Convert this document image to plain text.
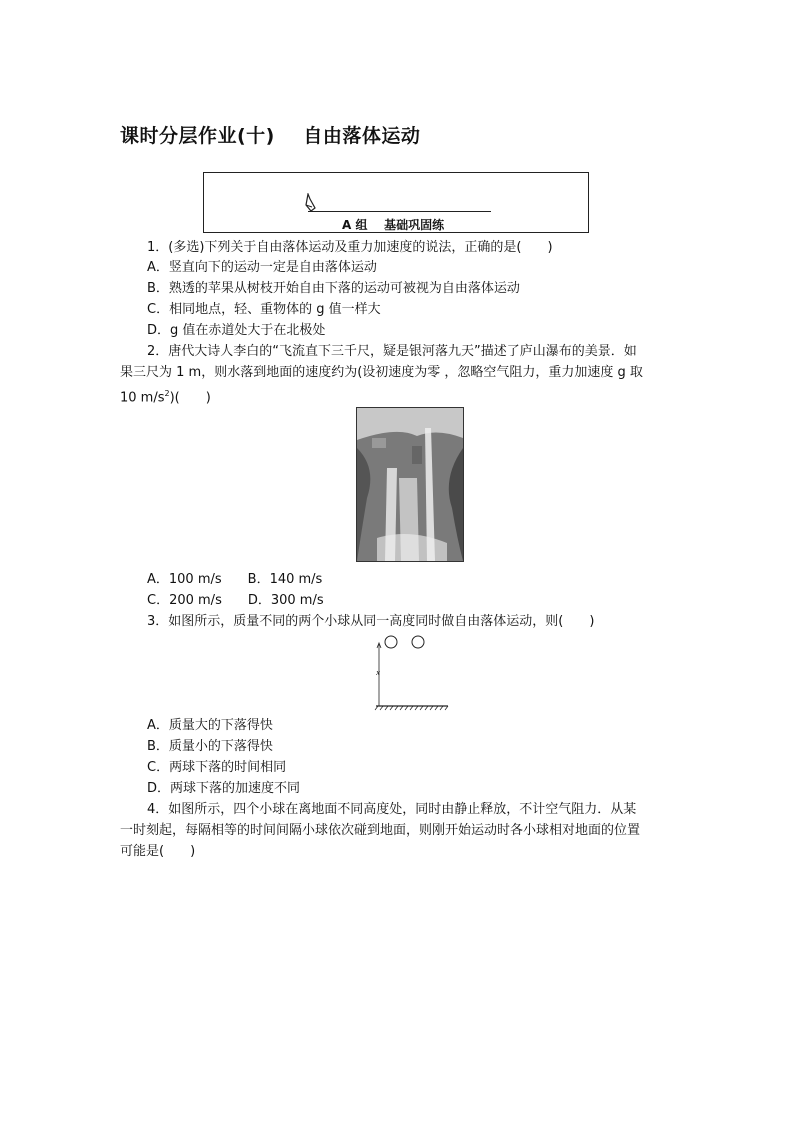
课时分层作业(十)    自由落体运动
A 组    基础巩固练
1．(多选)下列关于自由落体运动及重力加速度的说法，正确的是(　　)
A．竖直向下的运动一定是自由落体运动
B．熟透的苹果从树枝开始自由下落的运动可被视为自由落体运动
C．相同地点，轻、重物体的 g 值一样大
D．g 值在赤道处大于在北极处
2．唐代大诗人李白的“飞流直下三千尺，疑是银河落九天”描述了庐山瀑布的美景．如
果三尺为 1 m，则水落到地面的速度约为(设初速度为零 ，忽略空气阻力，重力加速度 g 取
10 $m/s^2$)(　　)
A．100 m/s　　B．140 m/s
C．200 m/s　　D．300 m/s
3．如图所示，质量不同的两个小球从同一高度同时做自由落体运动，则(　　)
x
A．质量大的下落得快
B．质量小的下落得快
C．两球下落的时间相同
D．两球下落的加速度不同
4．如图所示，四个小球在离地面不同高度处，同时由静止释放，不计空气阻力．从某
一时刻起，每隔相等的时间间隔小球依次碰到地面，则刚开始运动时各小球相对地面的位置
可能是(　　)
